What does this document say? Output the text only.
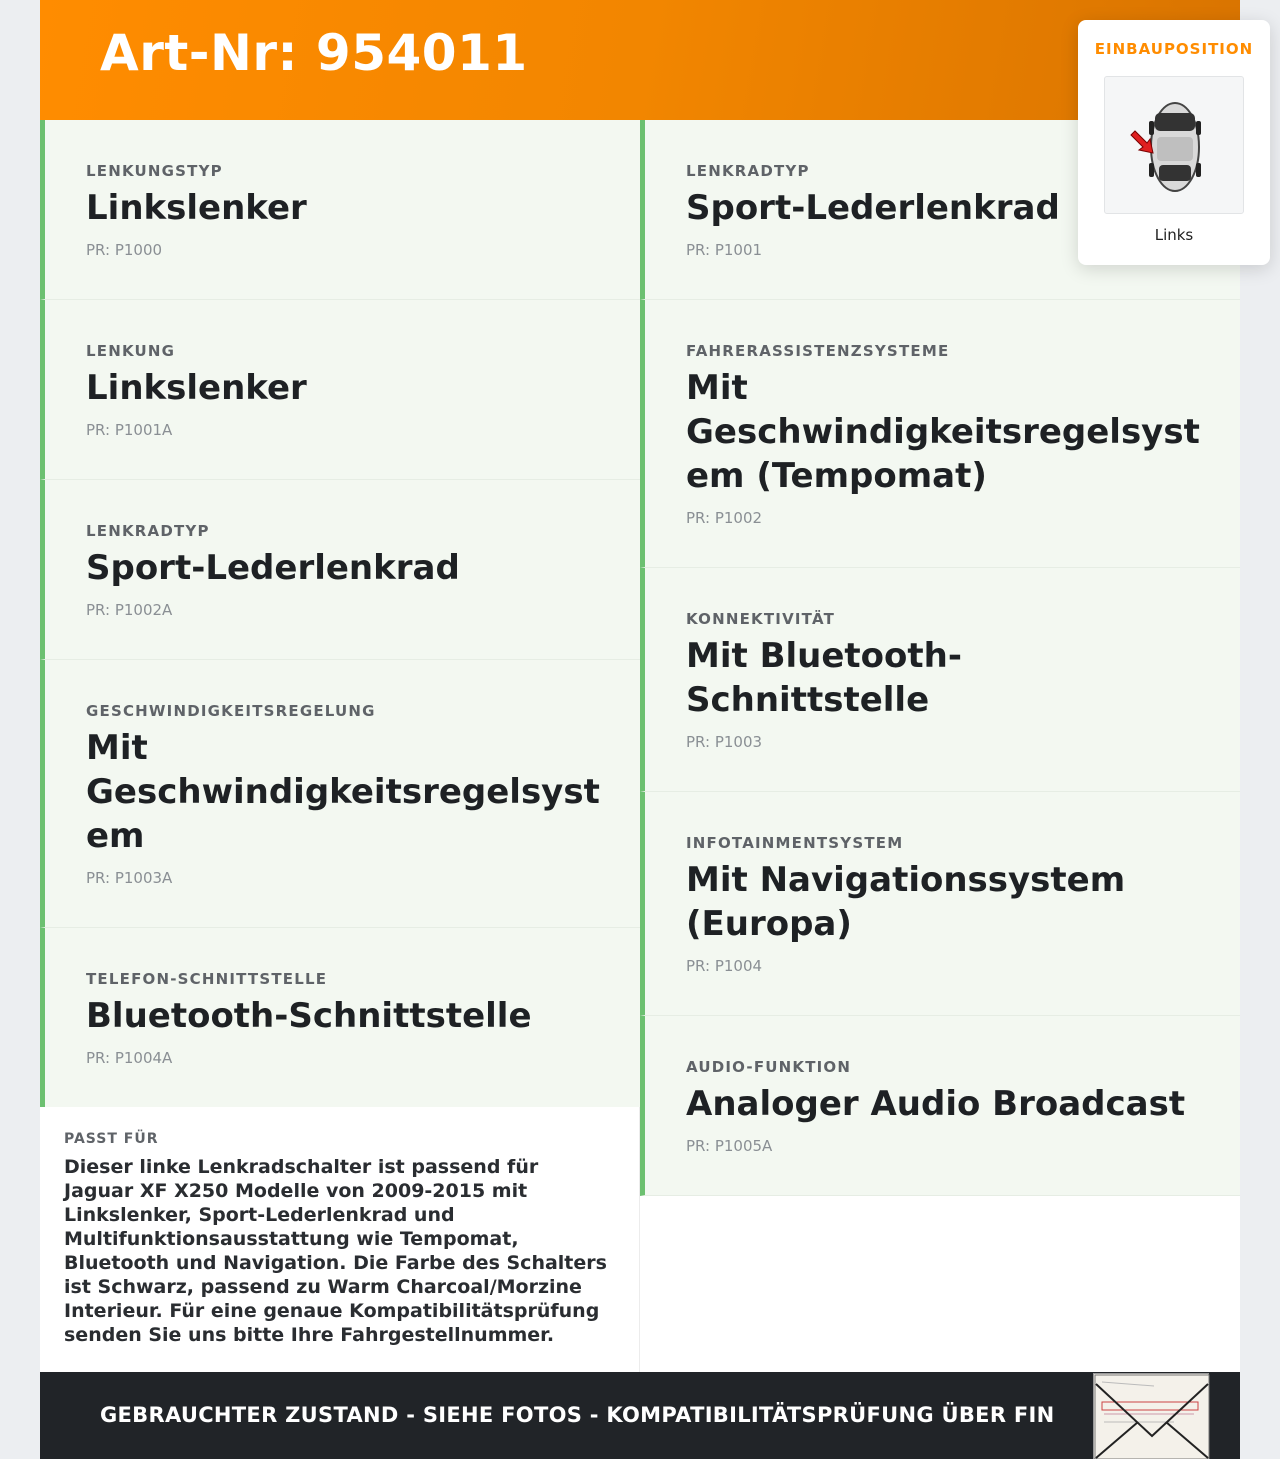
Art-Nr: 954011
LENKUNGSTYP
Linkslenker
PR: P1000
LENKUNG
Linkslenker
PR: P1001A
LENKRADTYP
Sport-Lederlenkrad
PR: P1002A
GESCHWINDIGKEITSREGELUNG
Mit Geschwindigkeitsregelsystem
PR: P1003A
TELEFON-SCHNITTSTELLE
Bluetooth-Schnittstelle
PR: P1004A
LENKRADTYP
Sport-Lederlenkrad
PR: P1001
FAHRERASSISTENZSYSTEME
Mit Geschwindigkeitsregelsystem (Tempomat)
PR: P1002
KONNEKTIVITÄT
Mit Bluetooth-Schnittstelle
PR: P1003
INFOTAINMENTSYSTEM
Mit Navigationssystem (Europa)
PR: P1004
AUDIO-FUNKTION
Analoger Audio Broadcast
PR: P1005A
PASST FÜR
Dieser linke Lenkradschalter ist passend für Jaguar XF X250 Modelle von 2009-2015 mit Linkslenker, Sport-Lederlenkrad und Multifunktionsausstattung wie Tempomat, Bluetooth und Navigation. Die Farbe des Schalters ist Schwarz, passend zu Warm Charcoal/Morzine Interieur. Für eine genaue Kompatibilitätsprüfung senden Sie uns bitte Ihre Fahrgestellnummer.
GEBRAUCHTER ZUSTAND - SIEHE FOTOS - KOMPATIBILITÄTSPRÜFUNG ÜBER FIN
EINBAUPOSITION
Links
